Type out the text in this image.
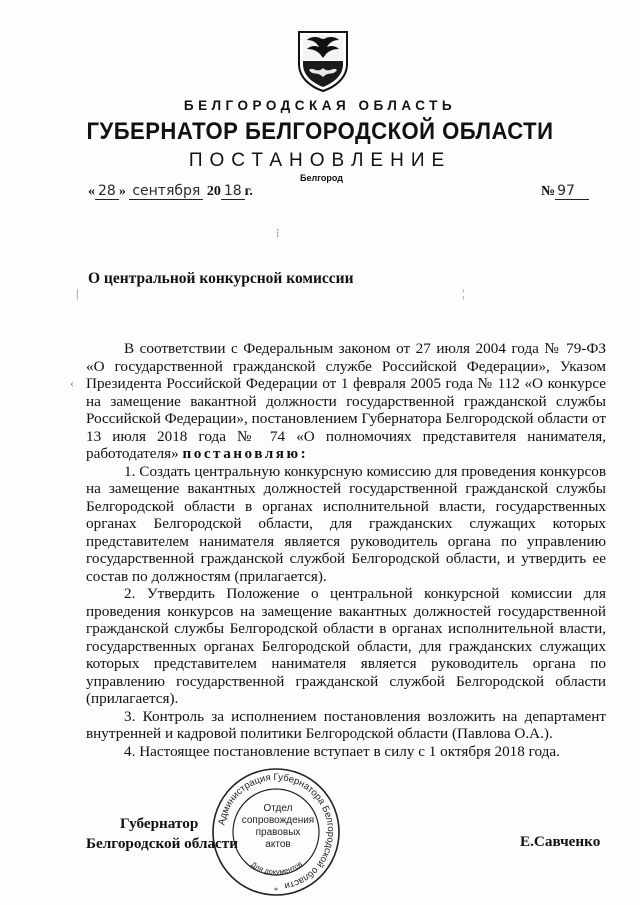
БЕЛГОРОДСКАЯ ОБЛАСТЬ
ГУБЕРНАТОР БЕЛГОРОДСКОЙ ОБЛАСТИ
ПОСТАНОВЛЕНИЕ
Белгород
« 28 » сентября 20 18 г.	№ 97
⁞
|	¦
‹
О центральной конкурсной комиссии

В соответствии с Федеральным законом от 27 июля 2004 года № 79-ФЗ «О государственной гражданской службе Российской Федерации», Указом Президента Российской Федерации от 1 февраля 2005 года № 112 «О конкурсе на замещение вакантной должности государственной гражданской службы Российской Федерации», постановлением Губернатора Белгородской области от 13 июля 2018 года № 74 «О полномочиях представителя нанимателя, работодателя» постановляю:

1. Создать центральную конкурсную комиссию для проведения конкурсов на замещение вакантных должностей государственной гражданской службы Белгородской области в органах исполнительной власти, государственных органах Белгородской области, для гражданских служащих которых представителем нанимателя является руководитель органа по управлению государственной гражданской службой Белгородской области, и утвердить ее состав по должностям (прилагается).

2. Утвердить Положение о центральной конкурсной комиссии для проведения конкурсов на замещение вакантных должностей государственной гражданской службы Белгородской области в органах исполнительной власти, государственных органах Белгородской области, для гражданских служащих которых представителем нанимателя является руководитель органа по управлению государственной гражданской службой Белгородской области (прилагается).

3. Контроль за исполнением постановления возложить на департамент внутренней и кадровой политики Белгородской области (Павлова О.А.).

4. Настоящее постановление вступает в силу с 1 октября 2018 года.

Губернатор
Белгородской области	Е.Савченко
Администрация Губернатора Белгородской области
Для документов
*
Отдел
сопровождения
правовых
актов
